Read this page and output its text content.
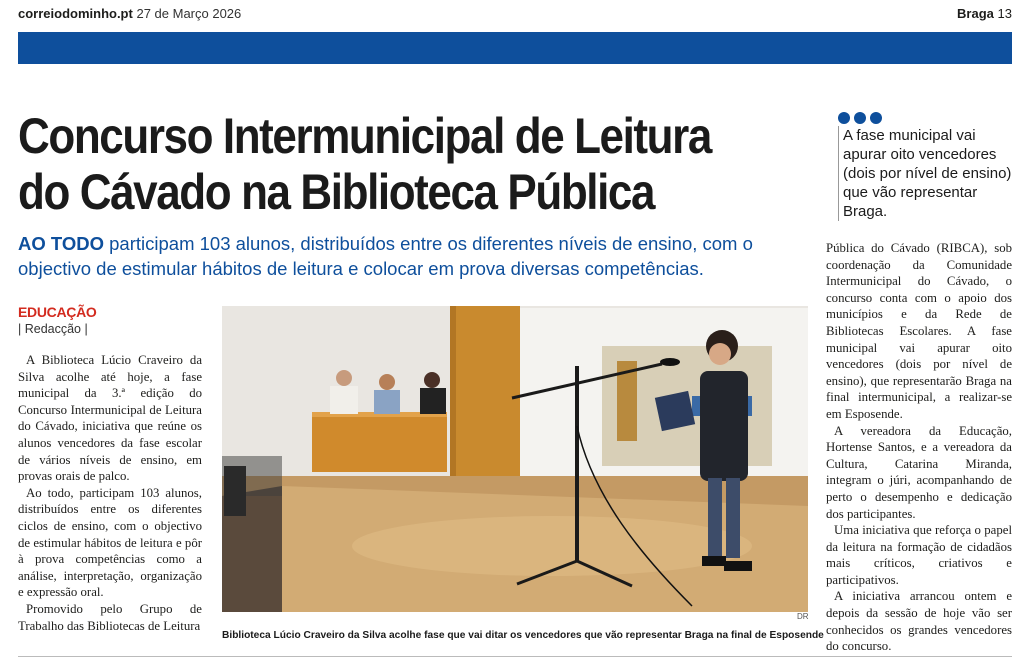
correiodominho.pt 27 de Março 2026	Braga 13
Concurso Intermunicipal de Leitura
do Cávado na Biblioteca Pública

AO TODO participam 103 alunos, distribuídos entre os diferentes níveis de ensino, com o objectivo de estimular hábitos de leitura e colocar em prova diversas competências.

EDUCAÇÃO
| Redacção |

A Biblioteca Lúcio Craveiro da Silva acolhe até hoje, a fase municipal da 3.ª edição do Concurso Intermunicipal de Leitura do Cávado, iniciativa que reúne os alunos vencedores da fase escolar de vários níveis de ensino, em provas orais de palco.

Ao todo, participam 103 alunos, distribuídos entre os diferentes ciclos de ensino, com o objectivo de estimular hábitos de leitura e pôr à prova competências como a análise, interpretação, organização e expressão oral.

Promovido pelo Grupo de Trabalho das Bibliotecas de Leitura

DR
Biblioteca Lúcio Craveiro da Silva acolhe fase que vai ditar os vencedores que vão representar Braga na final de Esposende
A fase municipal vai apurar oito vencedores (dois por nível de ensino) que vão representar Braga.

Pública do Cávado (RIBCA), sob coordenação da Comunidade Intermunicipal do Cávado, o concurso conta com o apoio dos municípios e da Rede de Bibliotecas Escolares. A fase municipal vai apurar oito vencedores (dois por nível de ensino), que representarão Braga na final intermunicipal, a realizar-se em Esposende.

A vereadora da Educação, Hortense Santos, e a vereadora da Cultura, Catarina Miranda, integram o júri, acompanhando de perto o desempenho e dedicação dos participantes.

Uma iniciativa que reforça o papel da leitura na formação de cidadãos mais críticos, criativos e participativos.

A iniciativa arrancou ontem e depois da sessão de hoje vão ser conhecidos os grandes vencedores do concurso.
